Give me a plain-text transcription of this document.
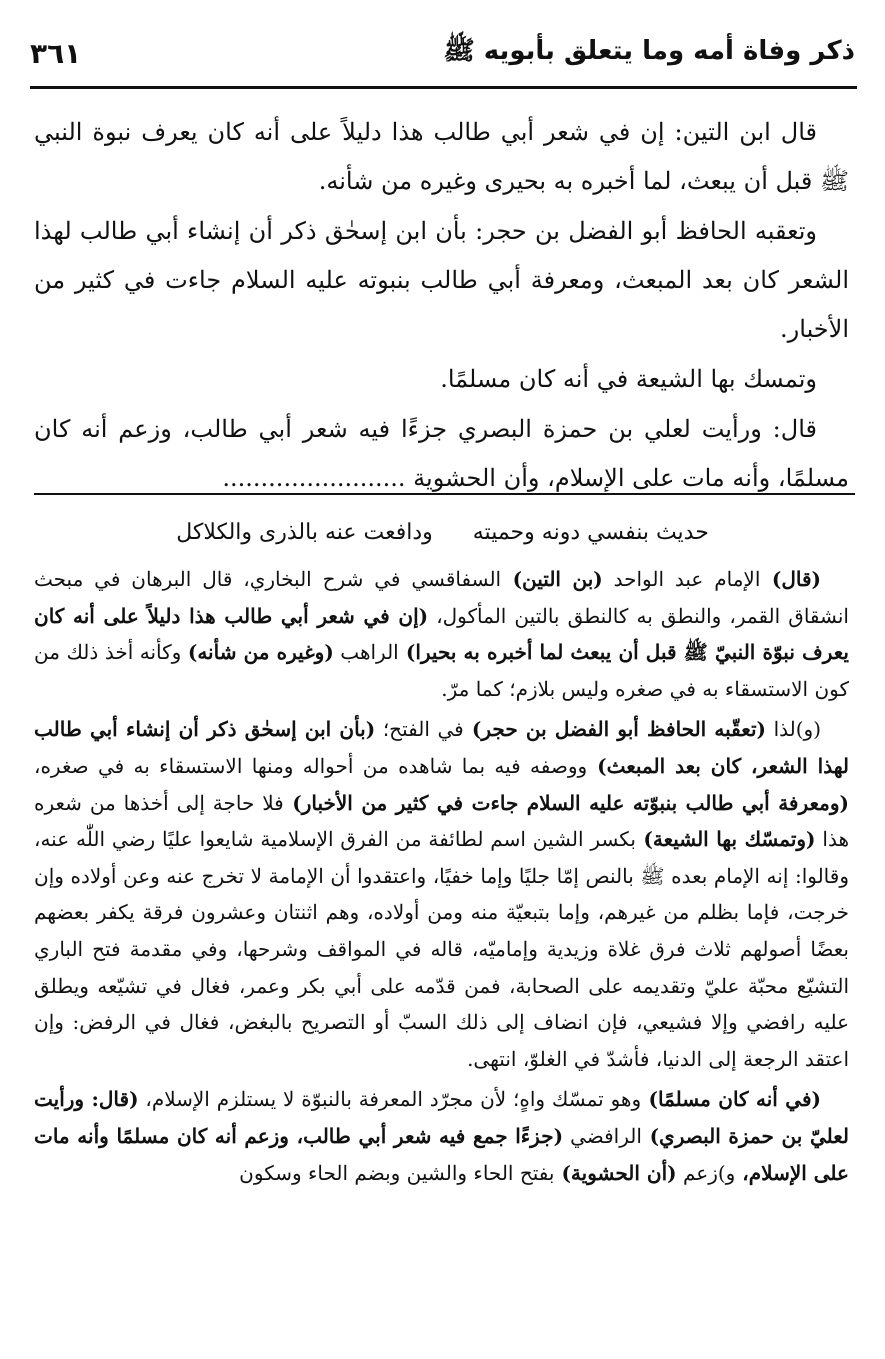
ذكر وفاة أمه وما يتعلق بأبويه ﷺ
٣٦١

قال ابن التين: إن في شعر أبي طالب هذا دليلاً على أنه كان يعرف نبوة النبي ﷺ قبل أن يبعث، لما أخبره به بحيرى وغيره من شأنه.

وتعقبه الحافظ أبو الفضل بن حجر: بأن ابن إسحٰق ذكر أن إنشاء أبي طالب لهذا الشعر كان بعد المبعث، ومعرفة أبي طالب بنبوته عليه السلام جاءت في كثير من الأخبار.

وتمسك بها الشيعة في أنه كان مسلمًا.

قال: ورأيت لعلي بن حمزة البصري جزءًا فيه شعر أبي طالب، وزعم أنه كان مسلمًا، وأنه مات على الإسلام، وأن الحشوية ........................

حديث بنفسي دونه وحميته
ودافعت عنه بالذرى والكلاكل

(قال) الإمام عبد الواحد (بن التين) السفاقسي في شرح البخاري، قال البرهان في مبحث انشقاق القمر، والنطق به كالنطق بالتين المأكول، (إن في شعر أبي طالب هذا دليلاً على أنه كان يعرف نبوّة النبيّ ﷺ قبل أن يبعث لما أخبره به بحيرا) الراهب (وغيره من شأنه) وكأنه أخذ ذلك من كون الاستسقاء به في صغره وليس بلازم؛ كما مرّ.

(و)لذا (تعقّبه الحافظ أبو الفضل بن حجر) في الفتح؛ (بأن ابن إسحٰق ذكر أن إنشاء أبي طالب لهذا الشعر، كان بعد المبعث) ووصفه فيه بما شاهده من أحواله ومنها الاستسقاء به في صغره، (ومعرفة أبي طالب بنبوّته عليه السلام جاءت في كثير من الأخبار) فلا حاجة إلى أخذها من شعره هذا (وتمسّك بها الشيعة) بكسر الشين اسم لطائفة من الفرق الإسلامية شايعوا عليًا رضي اللّٰه عنه، وقالوا: إنه الإمام بعده ﷺ بالنص إمّا جليًا وإما خفيًا، واعتقدوا أن الإمامة لا تخرج عنه وعن أولاده وإن خرجت، فإما بظلم من غيرهم، وإما بتبعيّة منه ومن أولاده، وهم اثنتان وعشرون فرقة يكفر بعضهم بعضًا أصولهم ثلاث فرق غلاة وزيدية وإماميّه، قاله في المواقف وشرحها، وفي مقدمة فتح الباري التشيّع محبّة عليّ وتقديمه على الصحابة، فمن قدّمه على أبي بكر وعمر، فغال في تشيّعه ويطلق عليه رافضي وإلا فشيعي، فإن انضاف إلى ذلك السبّ أو التصريح بالبغض، فغال في الرفض: وإن اعتقد الرجعة إلى الدنيا، فأشدّ في الغلوّ، انتهى.

(في أنه كان مسلمًا) وهو تمسّك واهٍ؛ لأن مجرّد المعرفة بالنبوّة لا يستلزم الإسلام، (قال: ورأيت لعليّ بن حمزة البصري) الرافضي (جزءًا جمع فيه شعر أبي طالب، وزعم أنه كان مسلمًا وأنه مات على الإسلام، و)زعم (أن الحشوية) بفتح الحاء والشين وبضم الحاء وسكون
